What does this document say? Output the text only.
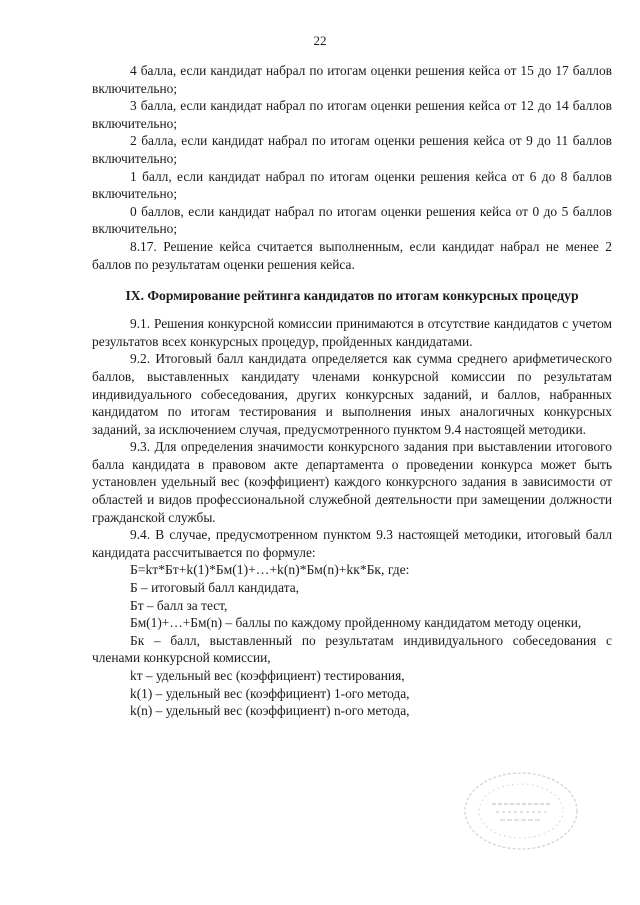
22

4 балла, если кандидат набрал по итогам оценки решения кейса от 15 до 17 баллов включительно;

3 балла, если кандидат набрал по итогам оценки решения кейса от 12 до 14 баллов включительно;

2 балла, если кандидат набрал по итогам оценки решения кейса от 9 до 11 баллов включительно;

1 балл, если кандидат набрал по итогам оценки решения кейса от 6 до 8 баллов включительно;

0 баллов, если кандидат набрал по итогам оценки решения кейса от 0 до 5 баллов включительно;

8.17. Решение кейса считается выполненным, если кандидат набрал не менее 2 баллов по результатам оценки решения кейса.

IX. Формирование рейтинга кандидатов по итогам конкурсных процедур

9.1. Решения конкурсной комиссии принимаются в отсутствие кандидатов с учетом результатов всех конкурсных процедур, пройденных кандидатами.

9.2. Итоговый балл кандидата определяется как сумма среднего арифметического баллов, выставленных кандидату членами конкурсной комиссии по результатам индивидуального собеседования, других конкурсных заданий, и баллов, набранных кандидатом по итогам тестирования и выполнения иных аналогичных конкурсных заданий, за исключением случая, предусмотренного пунктом 9.4 настоящей методики.

9.3. Для определения значимости конкурсного задания при выставлении итогового балла кандидата в правовом акте департамента о проведении конкурса может быть установлен удельный вес (коэффициент) каждого конкурсного задания в зависимости от областей и видов профессиональной служебной деятельности при замещении должности гражданской службы.

9.4. В случае, предусмотренном пунктом 9.3 настоящей методики, итоговый балл кандидата рассчитывается по формуле:

Б=kт*Бт+k(1)*Бм(1)+…+k(n)*Бм(n)+kк*Бк, где:

Б – итоговый балл кандидата,

Бт – балл за тест,

Бм(1)+…+Бм(n) – баллы по каждому пройденному кандидатом методу оценки,

Бк – балл, выставленный по результатам индивидуального собеседования с членами конкурсной комиссии,

kт – удельный вес (коэффициент) тестирования,

k(1) – удельный вес (коэффициент) 1-ого метода,

k(n) – удельный вес (коэффициент) n-ого метода,
